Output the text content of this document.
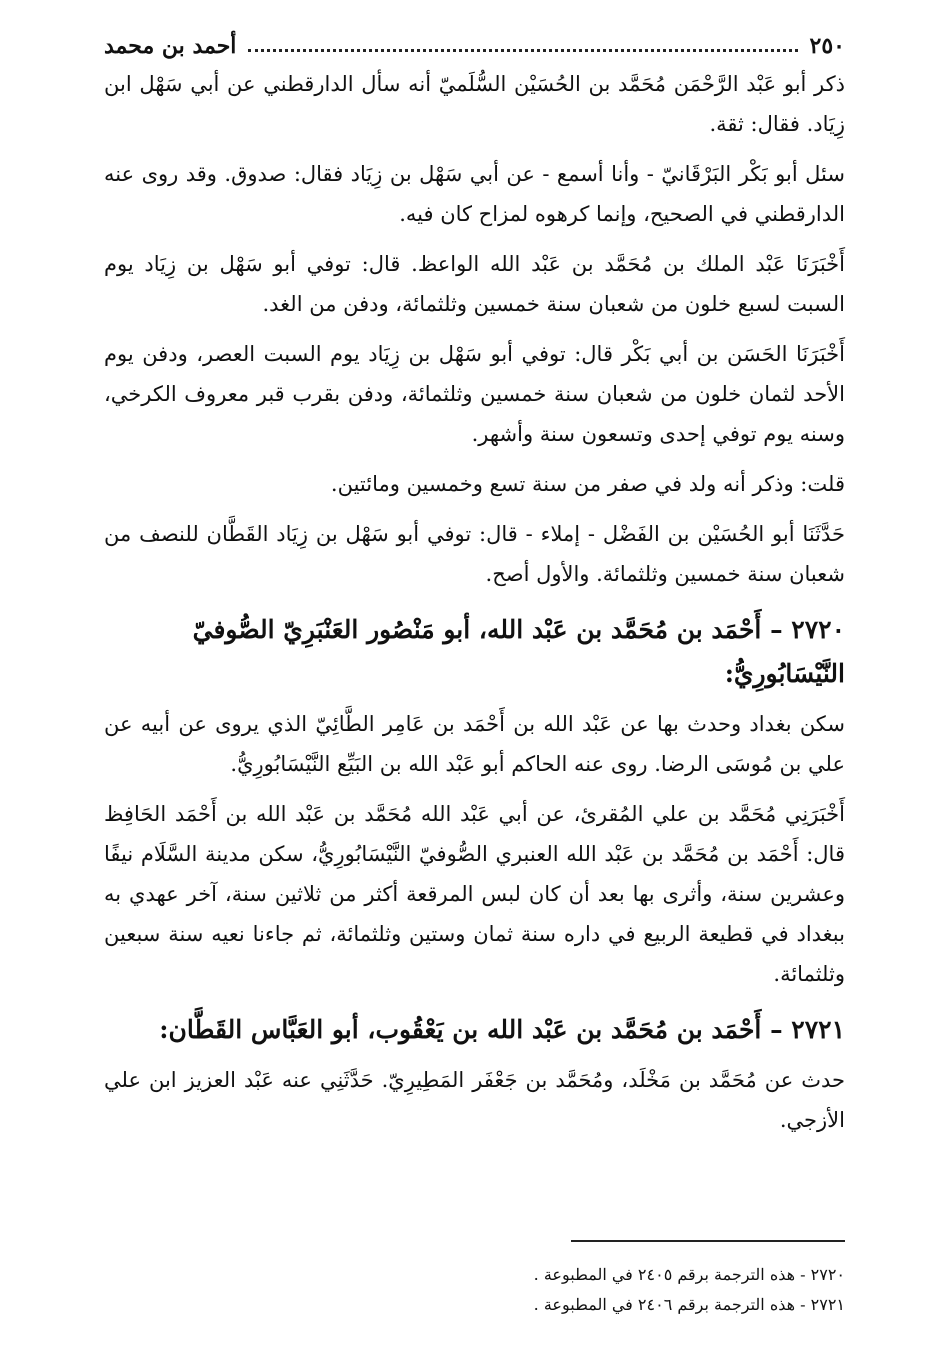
٢٥٠
أحمد بن محمد

ذكر أبو عَبْد الرَّحْمَن مُحَمَّد بن الحُسَيْن السُّلَميّ أنه سأل الدارقطني عن أبي سَهْل ابن زِيَاد. فقال: ثقة.

سئل أبو بَكْر البَرْقَانيّ - وأنا أسمع - عن أبي سَهْل بن زِيَاد فقال: صدوق. وقد روى عنه الدارقطني في الصحيح، وإنما كرهوه لمزاح كان فيه.

أَخْبَرَنَا عَبْد الملك بن مُحَمَّد بن عَبْد الله الواعظ. قال: توفي أبو سَهْل بن زِيَاد يوم السبت لسبع خلون من شعبان سنة خمسين وثلثمائة، ودفن من الغد.

أَخْبَرَنَا الحَسَن بن أبي بَكْر قال: توفي أبو سَهْل بن زِيَاد يوم السبت العصر، ودفن يوم الأحد لثمان خلون من شعبان سنة خمسين وثلثمائة، ودفن بقرب قبر معروف الكرخي، وسنه يوم توفي إحدى وتسعون سنة وأشهر.

قلت: وذكر أنه ولد في صفر من سنة تسع وخمسين ومائتين.

حَدَّثَنَا أبو الحُسَيْن بن الفَضْل - إملاء - قال: توفي أبو سَهْل بن زِيَاد القَطَّان للنصف من شعبان سنة خمسين وثلثمائة. والأول أصح.

٢٧٢٠ – أَحْمَد بن مُحَمَّد بن عَبْد الله، أبو مَنْصُور العَنْبَرِيّ الصُّوفيّ النَّيْسَابُورِيُّ:

سكن بغداد وحدث بها عن عَبْد الله بن أَحْمَد بن عَامِر الطَّائِيّ الذي يروى عن أبيه عن علي بن مُوسَى الرضا. روى عنه الحاكم أبو عَبْد الله بن البَيِّع النَّيْسَابُورِيُّ.

أَخْبَرَنِي مُحَمَّد بن علي المُقرئ، عن أبي عَبْد الله مُحَمَّد بن عَبْد الله بن أَحْمَد الحَافِظ قال: أَحْمَد بن مُحَمَّد بن عَبْد الله العنبري الصُّوفيّ النَّيْسَابُورِيُّ، سكن مدينة السَّلَام نيفًا وعشرين سنة، وأثرى بها بعد أن كان لبس المرقعة أكثر من ثلاثين سنة، آخر عهدي به ببغداد في قطيعة الربيع في داره سنة ثمان وستين وثلثمائة، ثم جاءنا نعيه سنة سبعين وثلثمائة.

٢٧٢١ – أَحْمَد بن مُحَمَّد بن عَبْد الله بن يَعْقُوب، أبو العَبَّاس القَطَّان:

حدث عن مُحَمَّد بن مَخْلَد، ومُحَمَّد بن جَعْفَر المَطِيرِيّ. حَدَّثَنِي عنه عَبْد العزيز ابن علي الأزجي.

٢٧٢٠ - هذه الترجمة برقم ٢٤٠٥ في المطبوعة .
٢٧٢١ - هذه الترجمة برقم ٢٤٠٦ في المطبوعة .
